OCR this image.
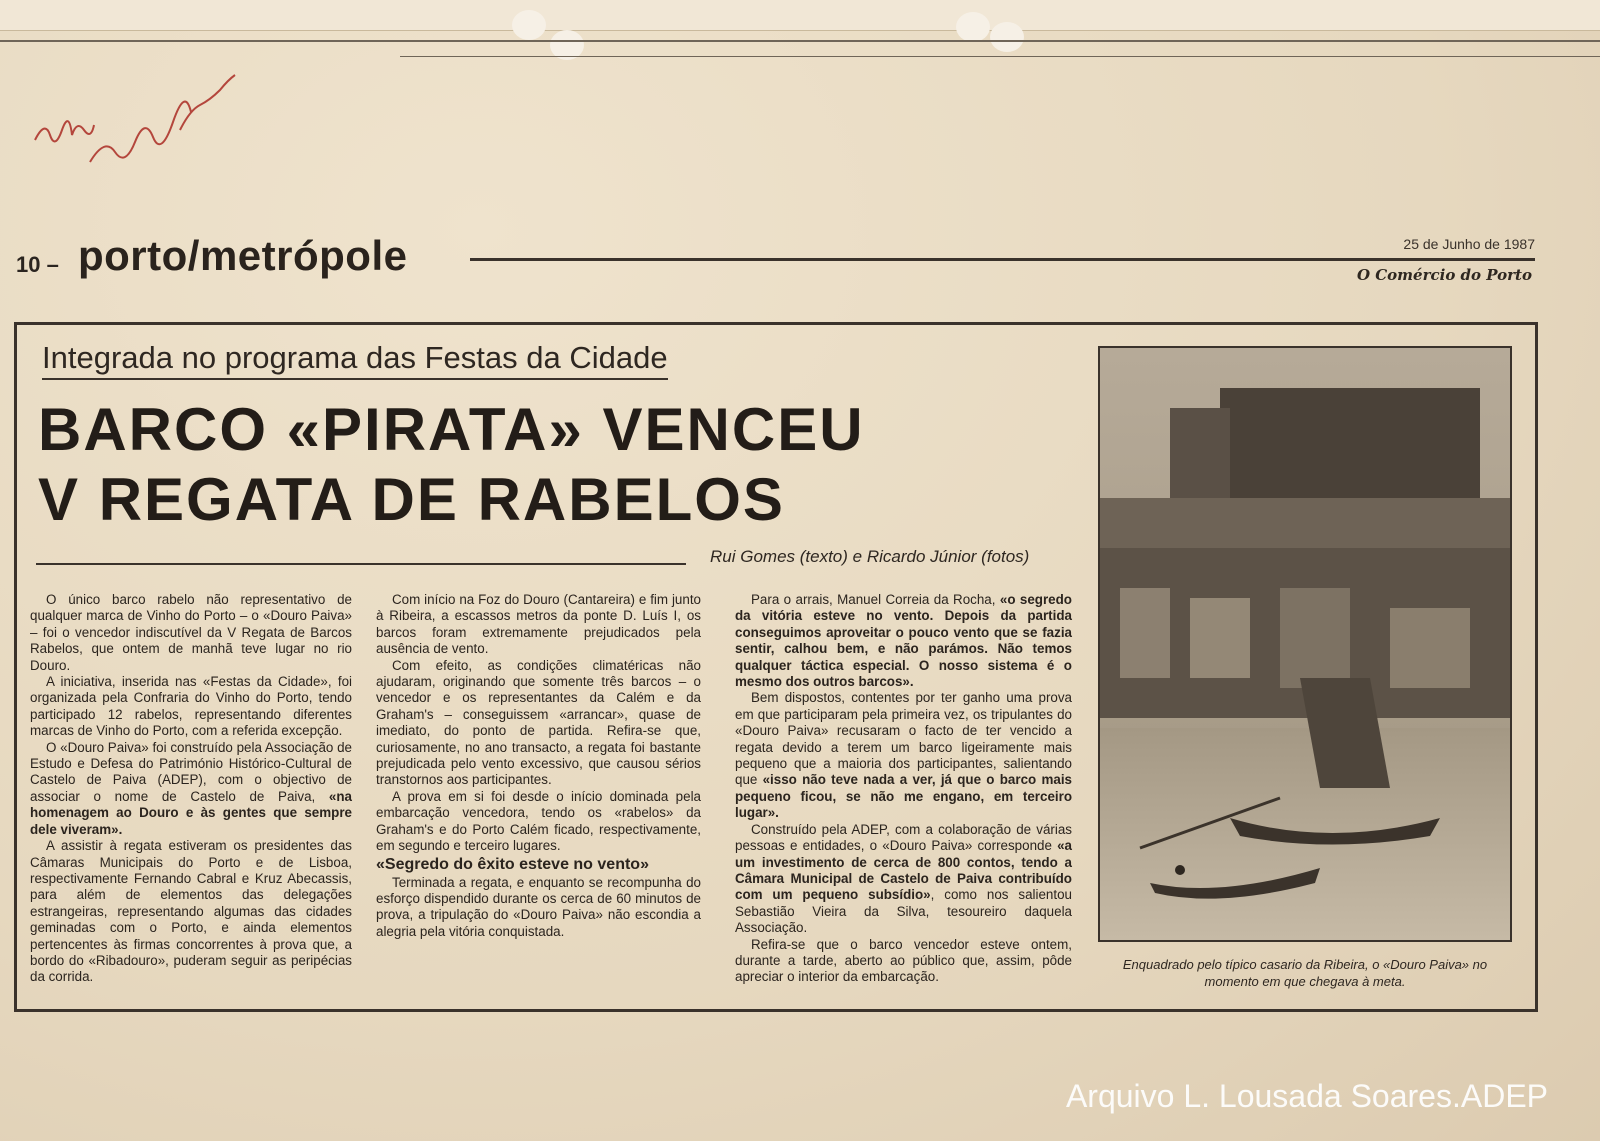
10 – porto/metrópole	25 de Junho de 1987
O Comércio do Porto
Integrada no programa das Festas da Cidade
BARCO «PIRATA» VENCEU
V REGATA DE RABELOS
Rui Gomes (texto) e Ricardo Júnior (fotos)

O único barco rabelo não representativo de qualquer marca de Vinho do Porto – o «Douro Paiva» – foi o vencedor indiscutível da V Regata de Barcos Rabelos, que ontem de manhã teve lugar no rio Douro.

A iniciativa, inserida nas «Festas da Cidade», foi organizada pela Confraria do Vinho do Porto, tendo participado 12 rabelos, representando diferentes marcas de Vinho do Porto, com a referida excepção.

O «Douro Paiva» foi construído pela Associação de Estudo e Defesa do Património Histórico-Cultural de Castelo de Paiva (ADEP), com o objectivo de associar o nome de Castelo de Paiva, «na homenagem ao Douro e às gentes que sempre dele viveram».

A assistir à regata estiveram os presidentes das Câmaras Municipais do Porto e de Lisboa, respectivamente Fernando Cabral e Kruz Abecassis, para além de elementos das delegações estrangeiras, representando algumas das cidades geminadas com o Porto, e ainda elementos pertencentes às firmas concorrentes à prova que, a bordo do «Ribadouro», puderam seguir as peripécias da corrida.

Com início na Foz do Douro (Cantareira) e fim junto à Ribeira, a escassos metros da ponte D. Luís I, os barcos foram extremamente prejudicados pela ausência de vento.

Com efeito, as condições climatéricas não ajudaram, originando que somente três barcos – o vencedor e os representantes da Calém e da Graham's – conseguissem «arrancar», quase de imediato, do ponto de partida. Refira-se que, curiosamente, no ano transacto, a regata foi bastante prejudicada pelo vento excessivo, que causou sérios transtornos aos participantes.

A prova em si foi desde o início dominada pela embarcação vencedora, tendo os «rabelos» da Graham's e do Porto Calém ficado, respectivamente, em segundo e terceiro lugares.

«Segredo do êxito esteve no vento»

Terminada a regata, e enquanto se recompunha do esforço dispendido durante os cerca de 60 minutos de prova, a tripulação do «Douro Paiva» não escondia a alegria pela vitória conquistada.

Para o arrais, Manuel Correia da Rocha, «o segredo da vitória esteve no vento. Depois da partida conseguimos aproveitar o pouco vento que se fazia sentir, calhou bem, e não parámos. Não temos qualquer táctica especial. O nosso sistema é o mesmo dos outros barcos».

Bem dispostos, contentes por ter ganho uma prova em que participaram pela primeira vez, os tripulantes do «Douro Paiva» recusaram o facto de ter vencido a regata devido a terem um barco ligeiramente mais pequeno que a maioria dos participantes, salientando que «isso não teve nada a ver, já que o barco mais pequeno ficou, se não me engano, em terceiro lugar».

Construído pela ADEP, com a colaboração de várias pessoas e entidades, o «Douro Paiva» corresponde «a um investimento de cerca de 800 contos, tendo a Câmara Municipal de Castelo de Paiva contribuído com um pequeno subsídio», como nos salientou Sebastião Vieira da Silva, tesoureiro daquela Associação.

Refira-se que o barco vencedor esteve ontem, durante a tarde, aberto ao público que, assim, pôde apreciar o interior da embarcação.

Enquadrado pelo típico casario da Ribeira, o «Douro Paiva» no momento em que chegava à meta.
Arquivo L. Lousada Soares.ADEP
